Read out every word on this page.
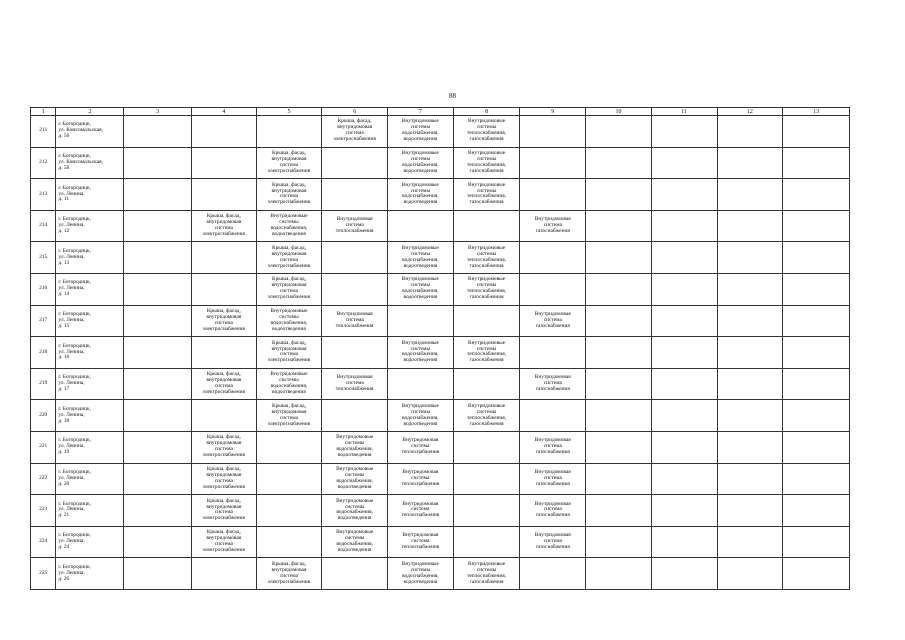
88
1	2	3	4	5	6	7	8	9	10	11	12	13
211	г. Богородицк,
ул. Комсомольская,
д. 56				Крыша, фасад,
внутридомовая
система
электроснабжения	Внутридомовые
системы
водоснабжения,
водоотведения	Внутридомовые
системы
теплоснабжения,
газоснабжения					
212	г. Богородицк,
ул. Комсомольская,
д. 58			Крыша, фасад,
внутридомовая
система
электроснабжения		Внутридомовые
системы
водоснабжения,
водоотведения	Внутридомовые
системы
теплоснабжения,
газоснабжения					
213	г. Богородицк,
ул. Ленина,
д. 11			Крыша, фасад,
внутридомовая
система
электроснабжения		Внутридомовые
системы
водоснабжения,
водоотведения	Внутридомовые
системы
теплоснабжения,
газоснабжения					
214	г. Богородицк,
ул. Ленина,
д. 12		Крыша, фасад,
внутридомовая
система
электроснабжения	Внутридомовые
системы
водоснабжения,
водоотведения	Внутридомовая
система
теплоснабжения			Внутридомовая
система
газоснабжения				
215	г. Богородицк,
ул. Ленина,
д. 13			Крыша, фасад,
внутридомовая
система
электроснабжения		Внутридомовые
системы
водоснабжения,
водоотведения	Внутридомовые
системы
теплоснабжения,
газоснабжения					
216	г. Богородицк,
ул. Ленина,
д. 14			Крыша, фасад,
внутридомовая
система
электроснабжения		Внутридомовые
системы
водоснабжения,
водоотведения	Внутридомовые
системы
теплоснабжения,
газоснабжения					
217	г. Богородицк,
ул. Ленина,
д. 15		Крыша, фасад,
внутридомовая
система
электроснабжения	Внутридомовые
системы
водоснабжения,
водоотведения	Внутридомовая
система
теплоснабжения			Внутридомовая
система
газоснабжения				
218	г. Богородицк,
ул. Ленина,
д. 16			Крыша, фасад,
внутридомовая
система
электроснабжения		Внутридомовые
системы
водоснабжения,
водоотведения	Внутридомовые
системы
теплоснабжения,
газоснабжения					
219	г. Богородицк,
ул. Ленина,
д. 17		Крыша, фасад,
внутридомовая
система
электроснабжения	Внутридомовые
системы
водоснабжения,
водоотведения	Внутридомовая
система
теплоснабжения			Внутридомовая
система
газоснабжения				
220	г. Богородицк,
ул. Ленина,
д. 18			Крыша, фасад,
внутридомовая
система
электроснабжения		Внутридомовые
системы
водоснабжения,
водоотведения	Внутридомовые
системы
теплоснабжения,
газоснабжения					
221	г. Богородицк,
ул. Ленина,
д. 19		Крыша, фасад,
внутридомовая
система
электроснабжения		Внутридомовые
системы
водоснабжения,
водоотведения	Внутридомовая
система
теплоснабжения		Внутридомовая
система
газоснабжения				
222	г. Богородицк,
ул. Ленина,
д. 20		Крыша, фасад,
внутридомовая
система
электроснабжения		Внутридомовые
системы
водоснабжения,
водоотведения	Внутридомовая
система
теплоснабжения		Внутридомовая
система
газоснабжения				
223	г. Богородицк,
ул. Ленина,
д. 21		Крыша, фасад,
внутридомовая
система
электроснабжения		Внутридомовые
системы
водоснабжения,
водоотведения	Внутридомовая
система
теплоснабжения		Внутридомовая
система
газоснабжения				
224	г. Богородицк,
ул. Ленина,
д. 24		Крыша, фасад,
внутридомовая
система
электроснабжения		Внутридомовые
системы
водоснабжения,
водоотведения	Внутридомовая
система
теплоснабжения		Внутридомовая
система
газоснабжения				
225	г. Богородицк,
ул. Ленина,
д. 26			Крыша, фасад,
внутридомовая
система
электроснабжения		Внутридомовые
системы
водоснабжения,
водоотведения	Внутридомовые
системы
теплоснабжения,
газоснабжения					
